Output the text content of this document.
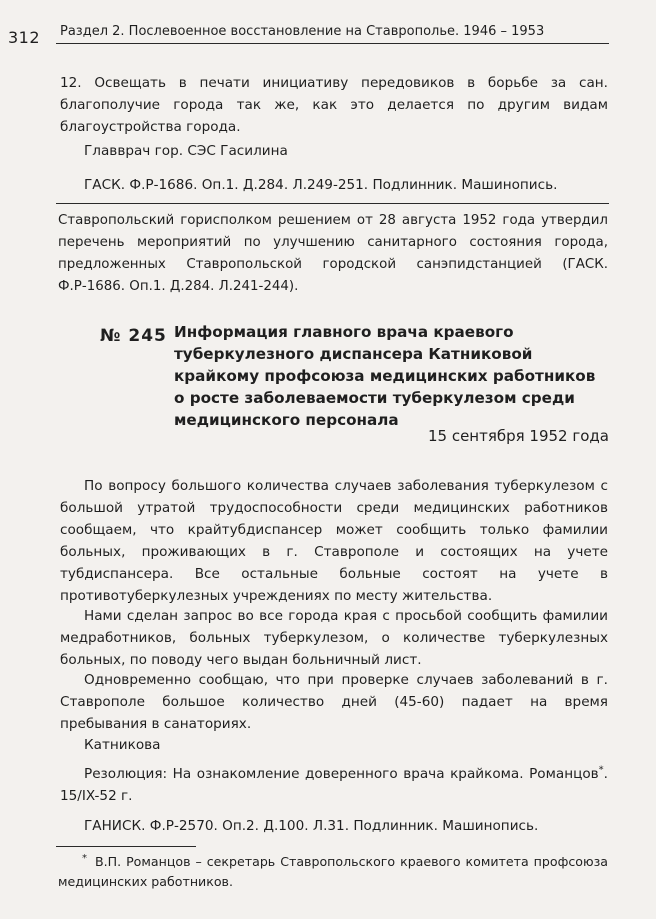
312 Раздел 2. Послевоенное восстановление на Ставрополье. 1946 – 1953
12. Освещать в печати инициативу передовиков в борьбе за сан. благополучие города так же, как это делается по другим видам благоустройства города.
Главврач гор. СЭС Гасилина
ГАСК. Ф.Р-1686. Оп.1. Д.284. Л.249-251. Подлинник. Машинопись.
Ставропольский горисполком решением от 28 августа 1952 года утвердил перечень мероприятий по улучшению санитарного состояния города, предложенных Ставропольской городской санэпидстанцией (ГАСК. Ф.Р-1686. Оп.1. Д.284. Л.241-244).
№ 245 Информация главного врача краевого туберкулезного диспансера Катниковой крайкому профсоюза медицинских работников о росте заболеваемости туберкулезом среди медицинского персонала
15 сентября 1952 года
По вопросу большого количества случаев заболевания туберкулезом с большой утратой трудоспособности среди медицинских работников сообщаем, что крайтубдиспансер может сообщить только фамилии больных, проживающих в г. Ставрополе и состоящих на учете тубдиспансера. Все остальные больные состоят на учете в противотуберкулезных учреждениях по месту жительства.
Нами сделан запрос во все города края с просьбой сообщить фамилии медработников, больных туберкулезом, о количестве туберкулезных больных, по поводу чего выдан больничный лист.
Одновременно сообщаю, что при проверке случаев заболеваний в г. Ставрополе большое количество дней (45-60) падает на время пребывания в санаториях.
Катникова
Резолюция: На ознакомление доверенного врача крайкома. Романцов*. 15/IX-52 г.
ГАНИСК. Ф.Р-2570. Оп.2. Д.100. Л.31. Подлинник. Машинопись.
* В.П. Романцов – секретарь Ставропольского краевого комитета профсоюза медицинских работников.
